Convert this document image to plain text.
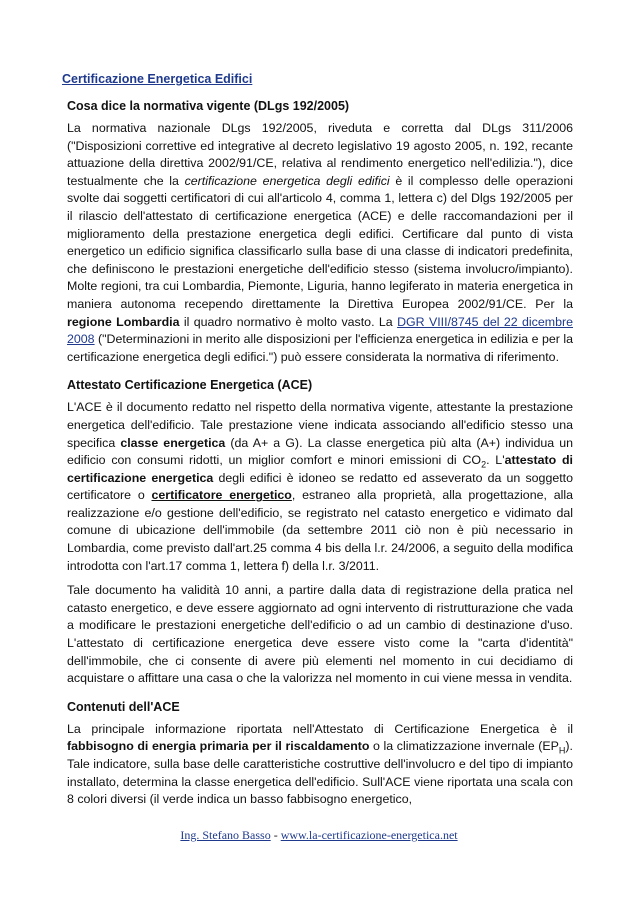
Certificazione Energetica Edifici
Cosa dice la normativa vigente (DLgs 192/2005)

La normativa nazionale DLgs 192/2005, riveduta e corretta dal DLgs 311/2006 ("Disposizioni correttive ed integrative al decreto legislativo 19 agosto 2005, n. 192, recante attuazione della direttiva 2002/91/CE, relativa al rendimento energetico nell'edilizia."), dice testualmente che la certificazione energetica degli edifici è il complesso delle operazioni svolte dai soggetti certificatori di cui all'articolo 4, comma 1, lettera c) del Dlgs 192/2005 per il rilascio dell'attestato di certificazione energetica (ACE) e delle raccomandazioni per il miglioramento della prestazione energetica degli edifici. Certificare dal punto di vista energetico un edificio significa classificarlo sulla base di una classe di indicatori predefinita, che definiscono le prestazioni energetiche dell'edificio stesso (sistema involucro/impianto). Molte regioni, tra cui Lombardia, Piemonte, Liguria, hanno legiferato in materia energetica in maniera autonoma recependo direttamente la Direttiva Europea 2002/91/CE. Per la regione Lombardia il quadro normativo è molto vasto. La DGR VIII/8745 del 22 dicembre 2008 ("Determinazioni in merito alle disposizioni per l'efficienza energetica in edilizia e per la certificazione energetica degli edifici.") può essere considerata la normativa di riferimento.

Attestato Certificazione Energetica (ACE)

L'ACE è il documento redatto nel rispetto della normativa vigente, attestante la prestazione energetica dell'edificio. Tale prestazione viene indicata associando all'edificio stesso una specifica classe energetica (da A+ a G). La classe energetica più alta (A+) individua un edificio con consumi ridotti, un miglior comfort e minori emissioni di $CO_2$. L'attestato di certificazione energetica degli edifici è idoneo se redatto ed asseverato da un soggetto certificatore o certificatore energetico, estraneo alla proprietà, alla progettazione, alla realizzazione e/o gestione dell'edificio, se registrato nel catasto energetico e vidimato dal comune di ubicazione dell'immobile (da settembre 2011 ciò non è più necessario in Lombardia, come previsto dall'art.25 comma 4 bis della l.r. 24/2006, a seguito della modifica introdotta con l'art.17 comma 1, lettera f) della l.r. 3/2011.

Tale documento ha validità 10 anni, a partire dalla data di registrazione della pratica nel catasto energetico, e deve essere aggiornato ad ogni intervento di ristrutturazione che vada a modificare le prestazioni energetiche dell'edificio o ad un cambio di destinazione d'uso. L'attestato di certificazione energetica deve essere visto come la "carta d'identità" dell'immobile, che ci consente di avere più elementi nel momento in cui decidiamo di acquistare o affittare una casa o che la valorizza nel momento in cui viene messa in vendita.

Contenuti dell'ACE

La principale informazione riportata nell'Attestato di Certificazione Energetica è il fabbisogno di energia primaria per il riscaldamento o la climatizzazione invernale $(EP_H)$. Tale indicatore, sulla base delle caratteristiche costruttive dell'involucro e del tipo di impianto installato, determina la classe energetica dell'edificio. Sull'ACE viene riportata una scala con 8 colori diversi (il verde indica un basso fabbisogno energetico,

Ing. Stefano Basso - www.la-certificazione-energetica.net
